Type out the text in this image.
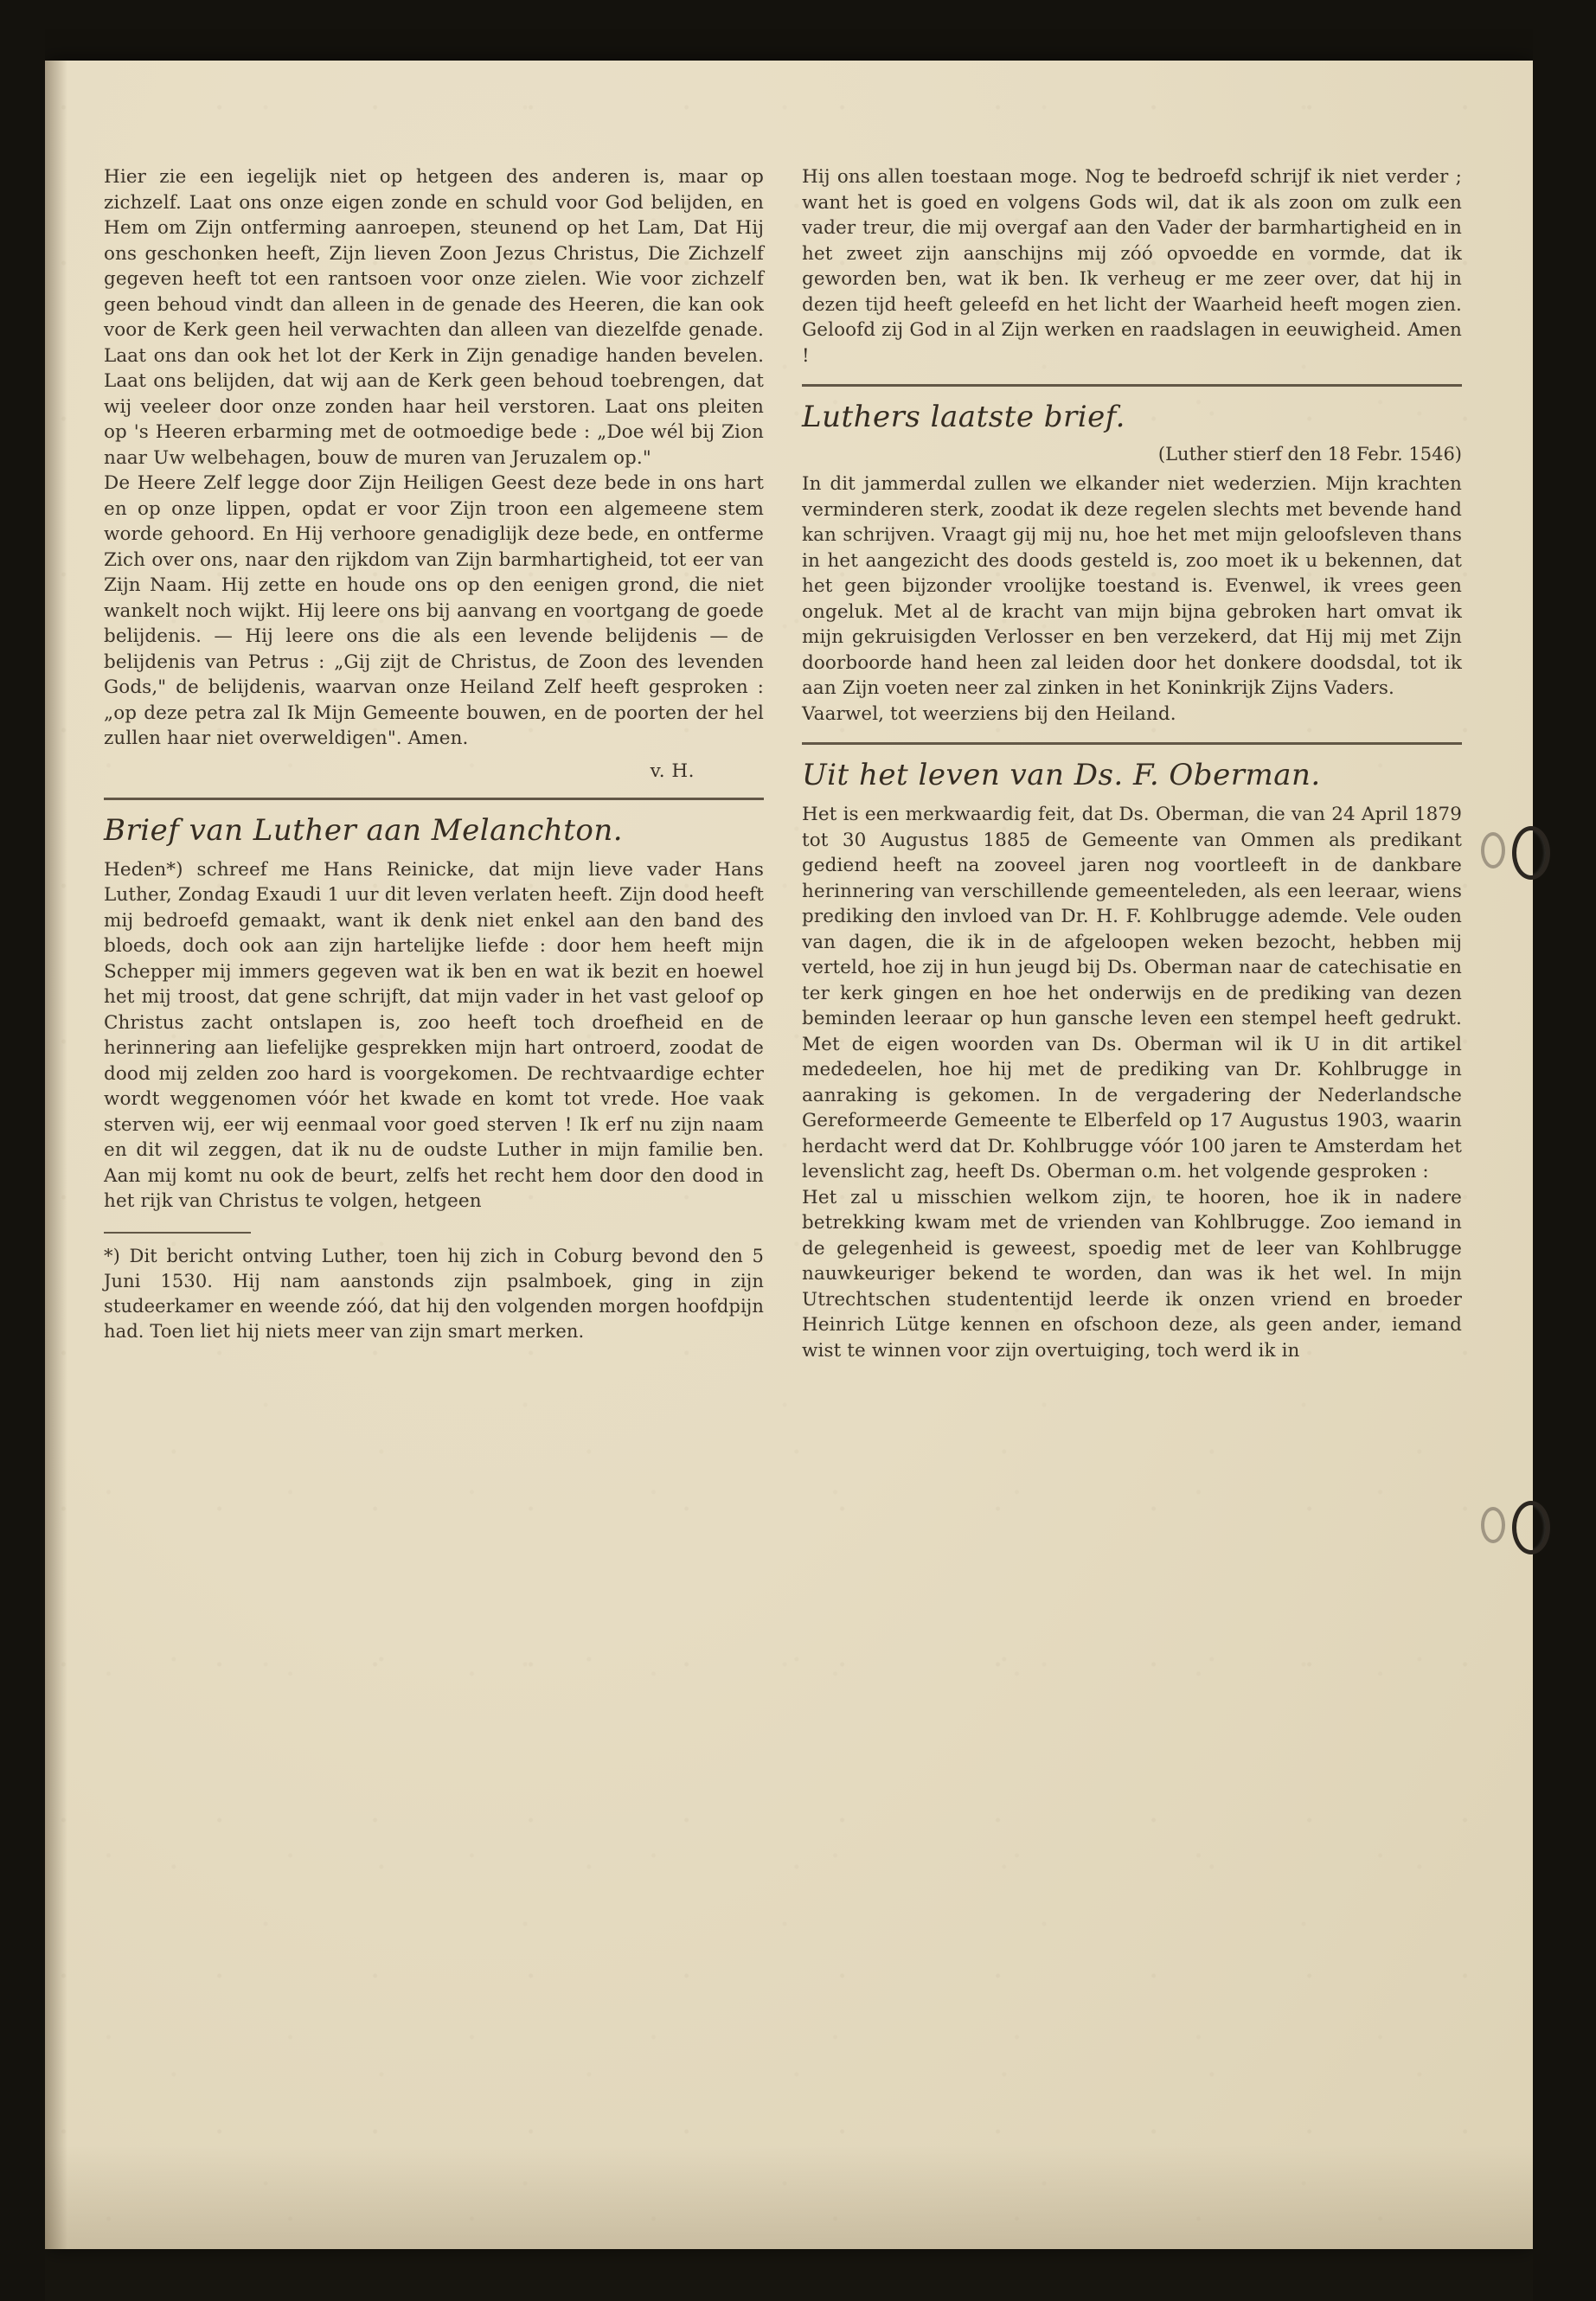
Hier zie een iegelijk niet op hetgeen des anderen is, maar op zichzelf. Laat ons onze eigen zonde en schuld voor God belijden, en Hem om Zijn ontferming aanroepen, steunend op het Lam, Dat Hij ons geschonken heeft, Zijn lieven Zoon Jezus Christus, Die Zichzelf gegeven heeft tot een rantsoen voor onze zielen. Wie voor zichzelf geen behoud vindt dan alleen in de genade des Heeren, die kan ook voor de Kerk geen heil verwachten dan alleen van diezelfde genade. Laat ons dan ook het lot der Kerk in Zijn genadige handen bevelen. Laat ons belijden, dat wij aan de Kerk geen behoud toebrengen, dat wij veeleer door onze zonden haar heil verstoren. Laat ons pleiten op 's Heeren erbarming met de ootmoedige bede : „Doe wél bij Zion naar Uw welbehagen, bouw de muren van Jeruzalem op."

De Heere Zelf legge door Zijn Heiligen Geest deze bede in ons hart en op onze lippen, opdat er voor Zijn troon een algemeene stem worde gehoord. En Hij verhoore genadiglijk deze bede, en ontferme Zich over ons, naar den rijkdom van Zijn barmhartigheid, tot eer van Zijn Naam. Hij zette en houde ons op den eenigen grond, die niet wankelt noch wijkt. Hij leere ons bij aanvang en voortgang de goede belijdenis. — Hij leere ons die als een levende belijdenis — de belijdenis van Petrus : „Gij zijt de Christus, de Zoon des levenden Gods," de belijdenis, waarvan onze Heiland Zelf heeft gesproken : „op deze petra zal Ik Mijn Gemeente bouwen, en de poorten der hel zullen haar niet overweldigen". Amen.

v. H.
Brief van Luther aan Melanchton.

Heden*) schreef me Hans Reinicke, dat mijn lieve vader Hans Luther, Zondag Exaudi 1 uur dit leven verlaten heeft. Zijn dood heeft mij bedroefd gemaakt, want ik denk niet enkel aan den band des bloeds, doch ook aan zijn hartelijke liefde : door hem heeft mijn Schepper mij immers gegeven wat ik ben en wat ik bezit en hoewel het mij troost, dat gene schrijft, dat mijn vader in het vast geloof op Christus zacht ontslapen is, zoo heeft toch droefheid en de herinnering aan liefelijke gesprekken mijn hart ontroerd, zoodat de dood mij zelden zoo hard is voorgekomen. De rechtvaardige echter wordt weggenomen vóór het kwade en komt tot vrede. Hoe vaak sterven wij, eer wij eenmaal voor goed sterven ! Ik erf nu zijn naam en dit wil zeggen, dat ik nu de oudste Luther in mijn familie ben. Aan mij komt nu ook de beurt, zelfs het recht hem door den dood in het rijk van Christus te volgen, hetgeen

*) Dit bericht ontving Luther, toen hij zich in Coburg bevond den 5 Juni 1530. Hij nam aanstonds zijn psalmboek, ging in zijn studeerkamer en weende zóó, dat hij den volgenden morgen hoofdpijn had. Toen liet hij niets meer van zijn smart merken.

Hij ons allen toestaan moge. Nog te bedroefd schrijf ik niet verder ; want het is goed en volgens Gods wil, dat ik als zoon om zulk een vader treur, die mij overgaf aan den Vader der barmhartigheid en in het zweet zijn aanschijns mij zóó opvoedde en vormde, dat ik geworden ben, wat ik ben. Ik verheug er me zeer over, dat hij in dezen tijd heeft geleefd en het licht der Waarheid heeft mogen zien. Geloofd zij God in al Zijn werken en raadslagen in eeuwigheid. Amen !

Luthers laatste brief.
(Luther stierf den 18 Febr. 1546)

In dit jammerdal zullen we elkander niet wederzien. Mijn krachten verminderen sterk, zoodat ik deze regelen slechts met bevende hand kan schrijven. Vraagt gij mij nu, hoe het met mijn geloofsleven thans in het aangezicht des doods gesteld is, zoo moet ik u bekennen, dat het geen bijzonder vroolijke toestand is. Evenwel, ik vrees geen ongeluk. Met al de kracht van mijn bijna gebroken hart omvat ik mijn gekruisigden Verlosser en ben verzekerd, dat Hij mij met Zijn doorboorde hand heen zal leiden door het donkere doodsdal, tot ik aan Zijn voeten neer zal zinken in het Koninkrijk Zijns Vaders.

Vaarwel, tot weerziens bij den Heiland.

Uit het leven van Ds. F. Oberman.

Het is een merkwaardig feit, dat Ds. Oberman, die van 24 April 1879 tot 30 Augustus 1885 de Gemeente van Ommen als predikant gediend heeft na zooveel jaren nog voortleeft in de dankbare herinnering van verschillende gemeenteleden, als een leeraar, wiens prediking den invloed van Dr. H. F. Kohlbrugge ademde. Vele ouden van dagen, die ik in de afgeloopen weken bezocht, hebben mij verteld, hoe zij in hun jeugd bij Ds. Oberman naar de catechisatie en ter kerk gingen en hoe het onderwijs en de prediking van dezen beminden leeraar op hun gansche leven een stempel heeft gedrukt. Met de eigen woorden van Ds. Oberman wil ik U in dit artikel mededeelen, hoe hij met de prediking van Dr. Kohlbrugge in aanraking is gekomen. In de vergadering der Nederlandsche Gereformeerde Gemeente te Elberfeld op 17 Augustus 1903, waarin herdacht werd dat Dr. Kohlbrugge vóór 100 jaren te Amsterdam het levenslicht zag, heeft Ds. Oberman o.m. het volgende gesproken :

Het zal u misschien welkom zijn, te hooren, hoe ik in nadere betrekking kwam met de vrienden van Kohlbrugge. Zoo iemand in de gelegenheid is geweest, spoedig met de leer van Kohlbrugge nauwkeuriger bekend te worden, dan was ik het wel. In mijn Utrechtschen studententijd leerde ik onzen vriend en broeder Heinrich Lütge kennen en ofschoon deze, als geen ander, iemand wist te winnen voor zijn overtuiging, toch werd ik in
